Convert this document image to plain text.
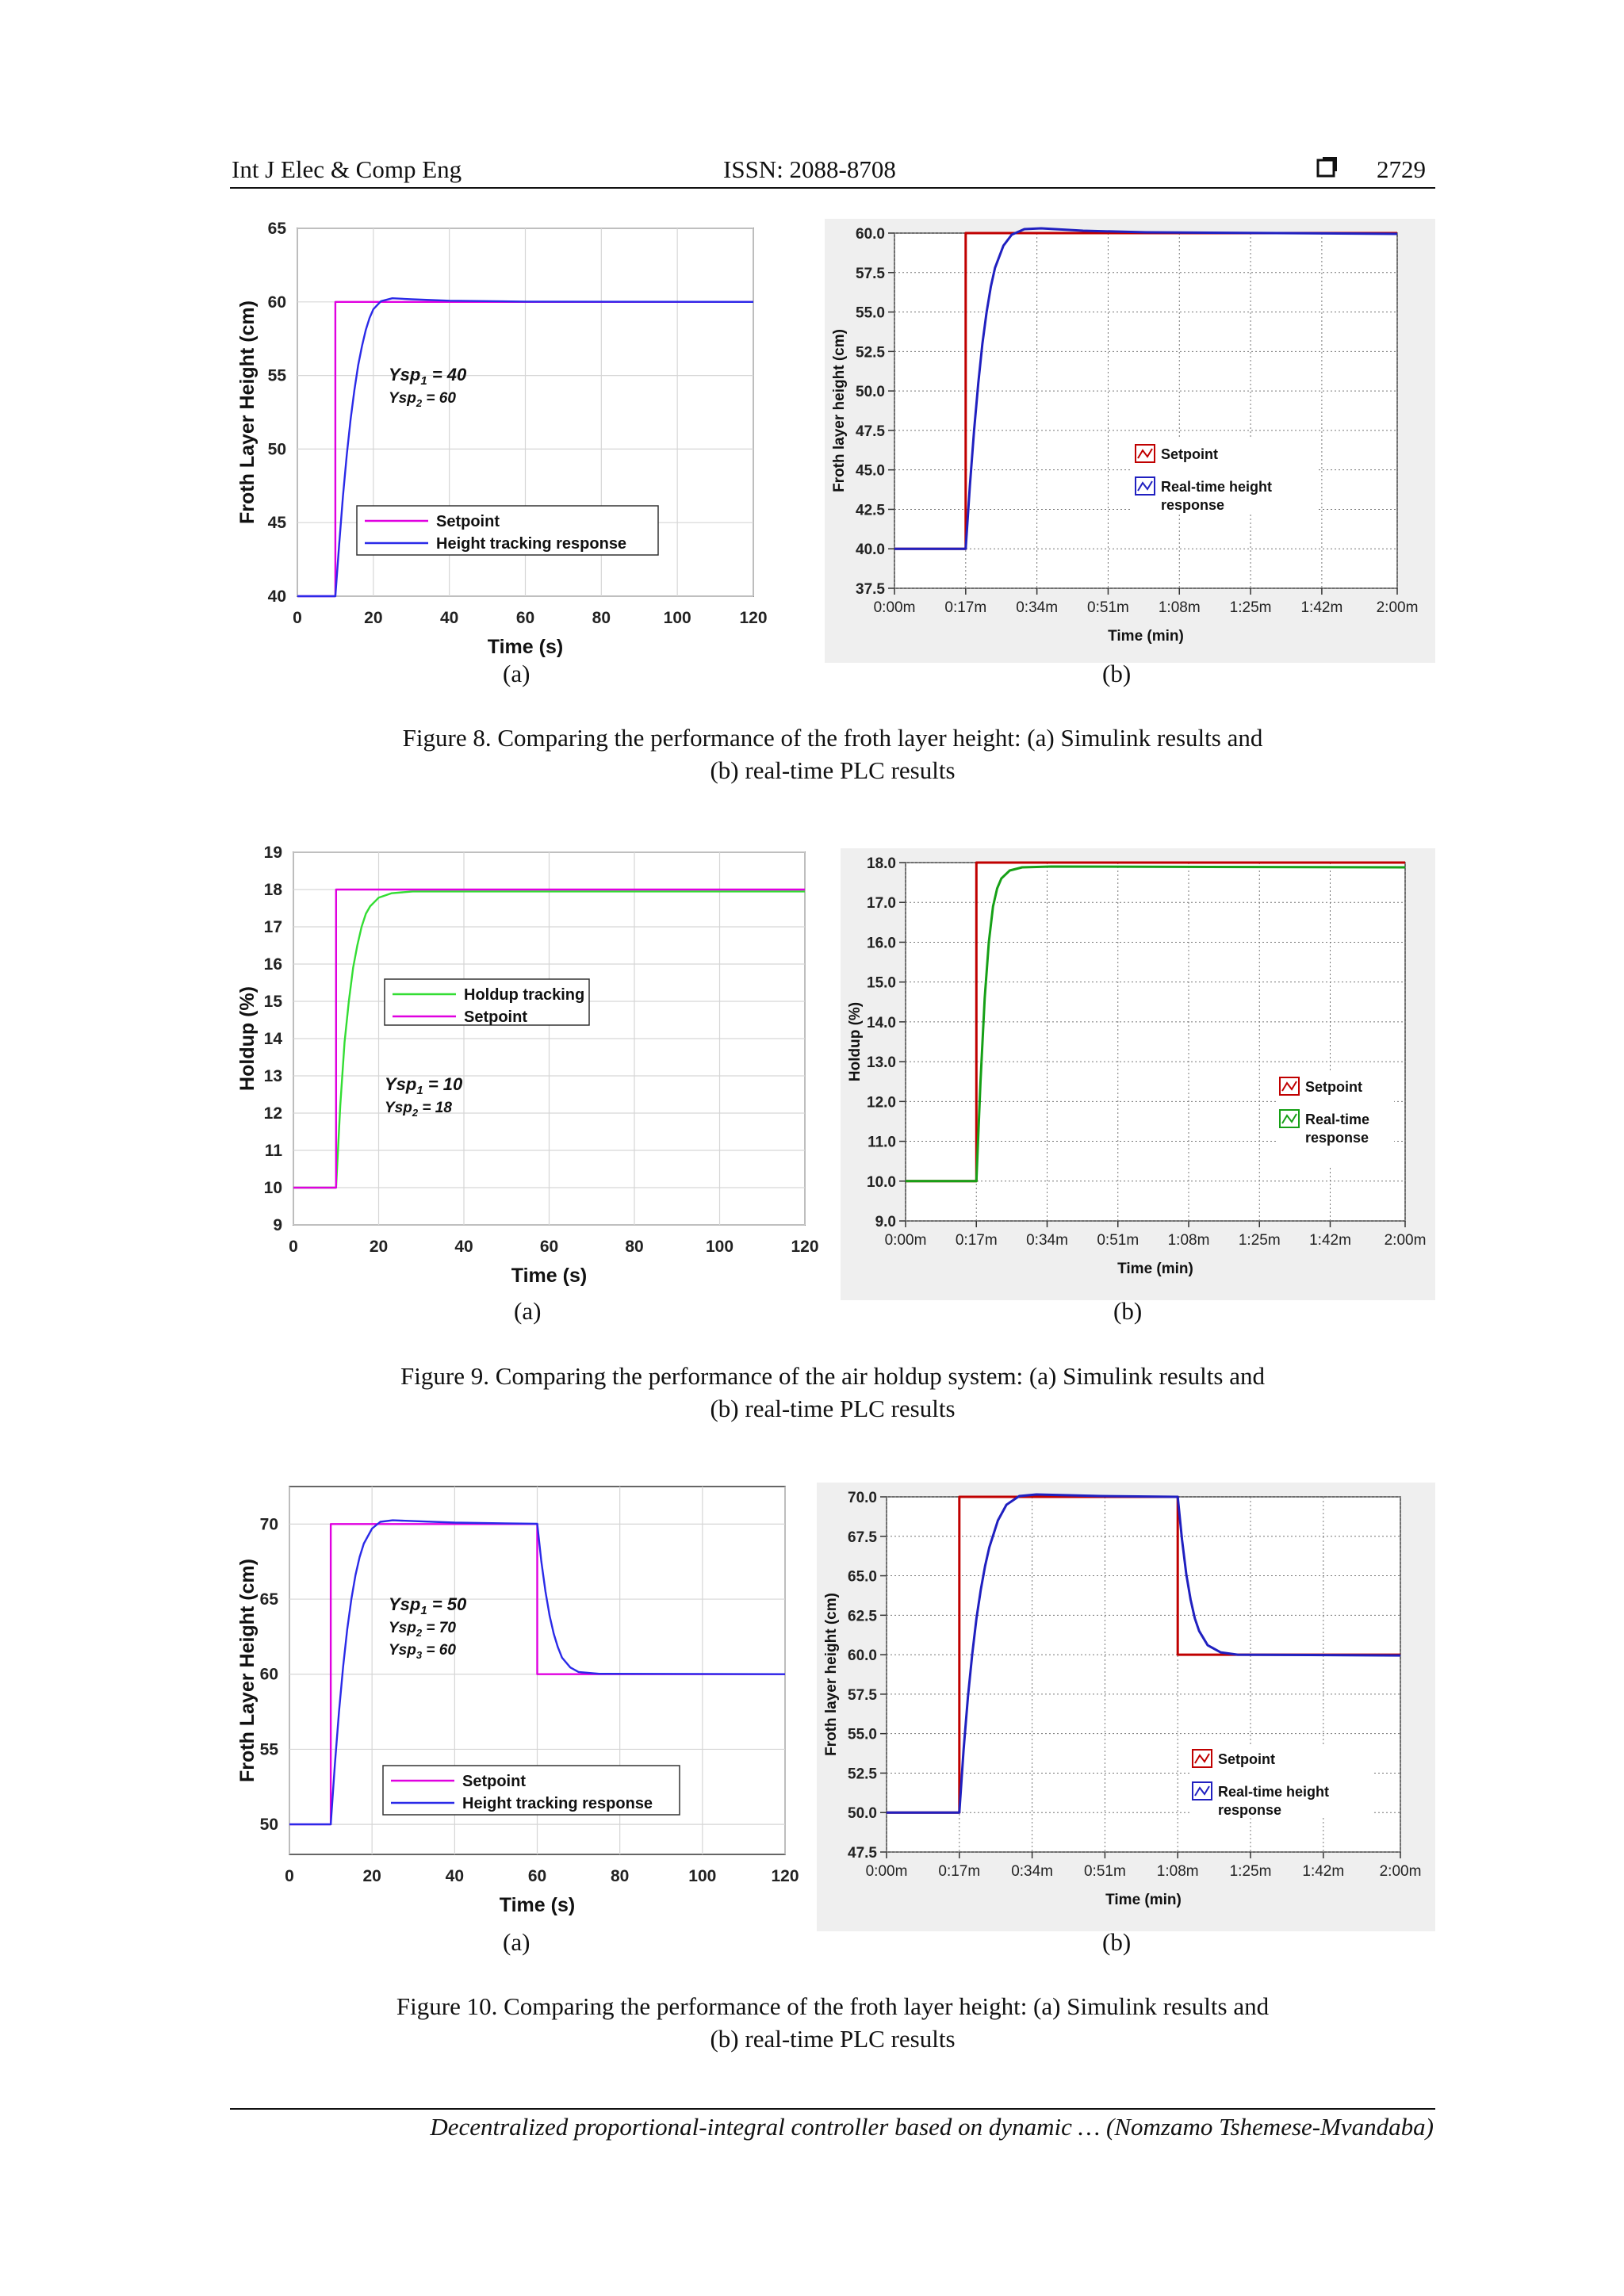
Int J Elec & Comp Eng	ISSN: 2088-8708	2729
0	20	40	60	80	100	120
40
45
50
55
60
65
Time (s)
Froth Layer Height (cm)	Setpoint
Height tracking response
Ysp$_1$ = 40
Ysp$_2$ = 60
0:00m 0:17m 0:34m 0:51m 1:08m 1:25m 1:42m 2:00m
37.5
40.0
42.5
45.0
47.5
50.0
52.5
55.0
57.5
60.0
Time (min)
Froth layer height (cm)	Setpoint
Real-time height response
(a)	(b)
Figure 8. Comparing the performance of the froth layer height: (a) Simulink results and
(b) real-time PLC results
0	20	40	60	80	100	120
9
10
11
12
13
14
15
16
17
18
19
Time (s)
Holdup (%)	Holdup tracking
Setpoint
Ysp$_1$ = 10
Ysp$_2$ = 18
0:00m 0:17m 0:34m 0:51m 1:08m 1:25m 1:42m 2:00m
9.0
10.0
11.0
12.0
13.0
14.0
15.0
16.0
17.0
18.0
Time (min)
Holdup (%)
Setpoint
Real-time response
(a)	(b)
Figure 9. Comparing the performance of the air holdup system: (a) Simulink results and
(b) real-time PLC results
0	20	40	60	80	100	120
50
55
60
65
70
Time (s)
Froth Layer Height (cm)	Setpoint
Height tracking response
Ysp$_1$ = 50
Ysp$_2$ = 70
Ysp$_3$ = 60
0:00m 0:17m 0:34m 0:51m 1:08m 1:25m 1:42m 2:00m
47.5
50.0
52.5
55.0
57.5
60.0
62.5
65.0
67.5
70.0
Time (min)
Froth layer height (cm)
Setpoint
Real-time height response
(a)	(b)
Figure 10. Comparing the performance of the froth layer height: (a) Simulink results and
(b) real-time PLC results
Decentralized proportional-integral controller based on dynamic … (Nomzamo Tshemese-Mvandaba)
